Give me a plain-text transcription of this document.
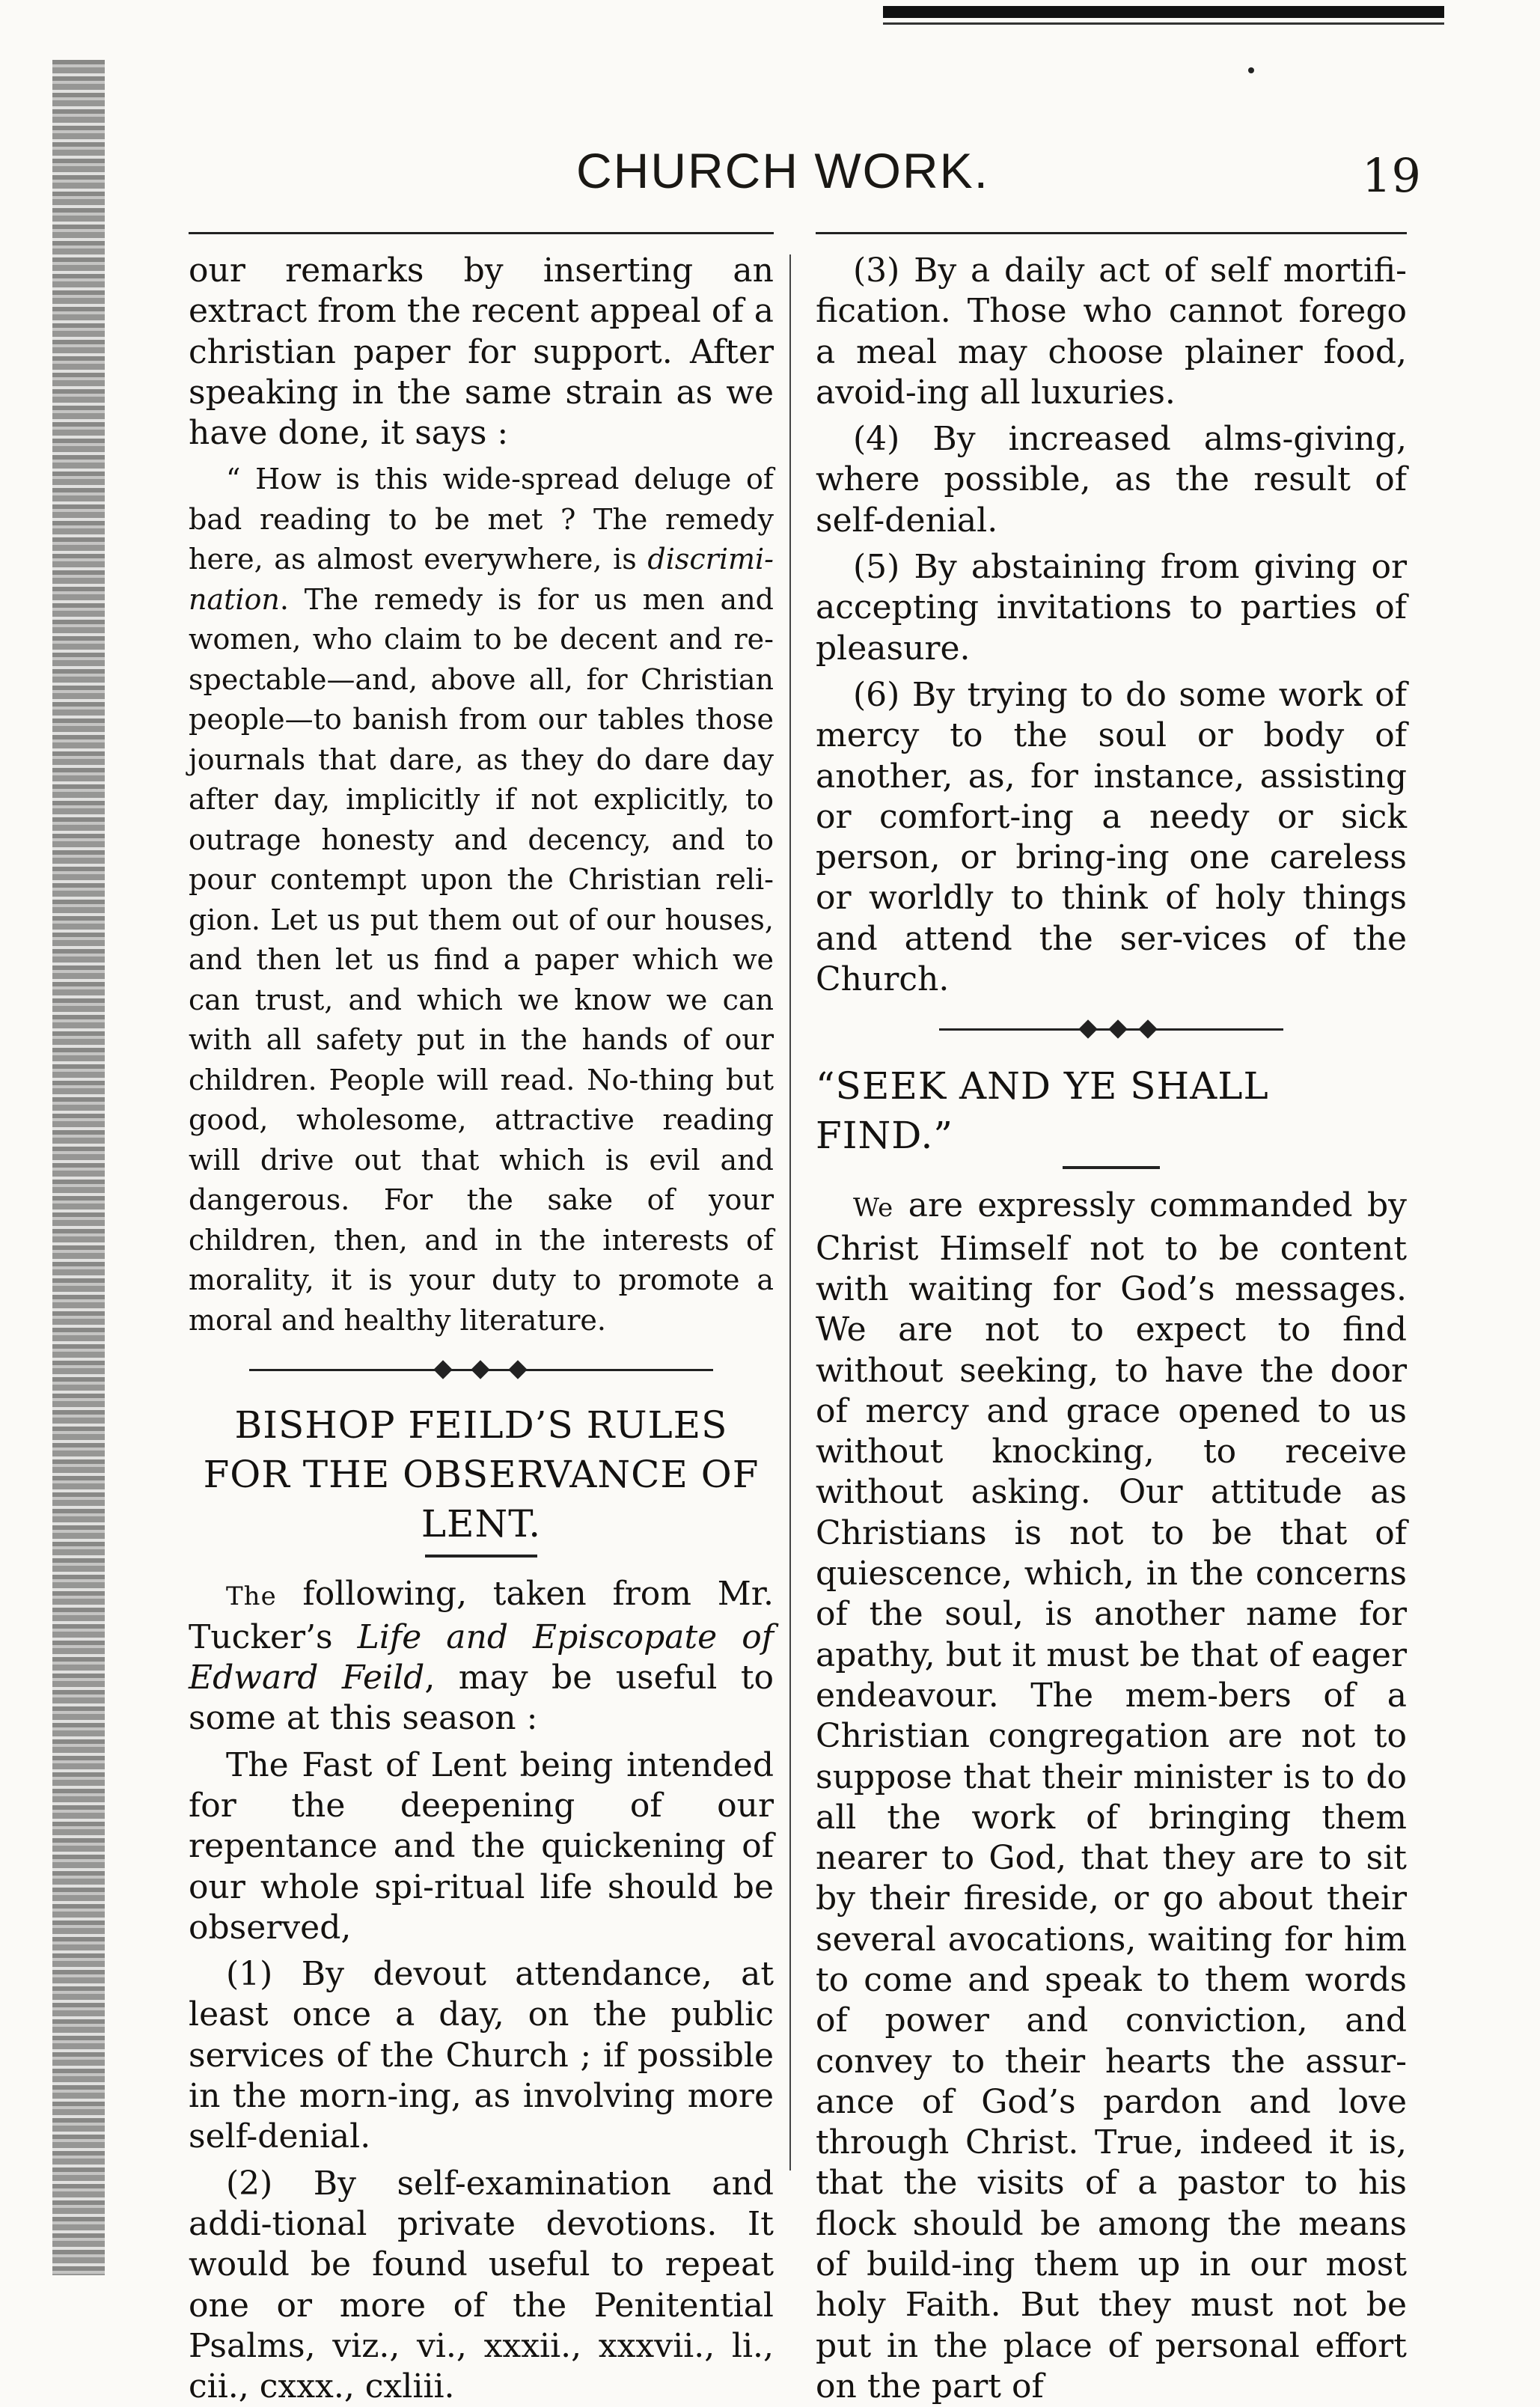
CHURCH WORK.	19

our remarks by inserting an extract from the recent appeal of a christian paper for support. After speaking in the same strain as we have done, it says :

“ How is this wide-spread deluge of bad reading to be met ? The remedy here, as almost everywhere, is discrimi-nation. The remedy is for us men and women, who claim to be decent and re-spectable—and, above all, for Christian people—to banish from our tables those journals that dare, as they do dare day after day, implicitly if not explicitly, to outrage honesty and decency, and to pour contempt upon the Christian reli-gion. Let us put them out of our houses, and then let us find a paper which we can trust, and which we know we can with all safety put in the hands of our children. People will read. No-thing but good, wholesome, attractive reading will drive out that which is evil and dangerous. For the sake of your children, then, and in the interests of morality, it is your duty to promote a moral and healthy literature.

BISHOP FEILD’S RULES FOR THE OBSERVANCE OF LENT.

The following, taken from Mr. Tucker’s Life and Episcopate of Edward Feild, may be useful to some at this season :

The Fast of Lent being intended for the deepening of our repentance and the quickening of our whole spi-ritual life should be observed,

(1) By devout attendance, at least once a day, on the public services of the Church ; if possible in the morn-ing, as involving more self-denial.

(2) By self-examination and addi-tional private devotions. It would be found useful to repeat one or more of the Penitential Psalms, viz., vi., xxxii., xxxvii., li., cii., cxxx., cxliii.

(3) By a daily act of self mortifi-fication. Those who cannot forego a meal may choose plainer food, avoid-ing all luxuries.

(4) By increased alms-giving, where possible, as the result of self-denial.

(5) By abstaining from giving or accepting invitations to parties of pleasure.

(6) By trying to do some work of mercy to the soul or body of another, as, for instance, assisting or comfort-ing a needy or sick person, or bring-ing one careless or worldly to think of holy things and attend the ser-vices of the Church.

“SEEK AND YE SHALL FIND.”

We are expressly commanded by Christ Himself not to be content with waiting for God’s messages. We are not to expect to find without seeking, to have the door of mercy and grace opened to us without knocking, to receive without asking. Our attitude as Christians is not to be that of quiescence, which, in the concerns of the soul, is another name for apathy, but it must be that of eager endeavour. The mem-bers of a Christian congregation are not to suppose that their minister is to do all the work of bringing them nearer to God, that they are to sit by their fireside, or go about their several avocations, waiting for him to come and speak to them words of power and conviction, and convey to their hearts the assur-ance of God’s pardon and love through Christ. True, indeed it is, that the visits of a pastor to his flock should be among the means of build-ing them up in our most holy Faith. But they must not be put in the place of personal effort on the part of
